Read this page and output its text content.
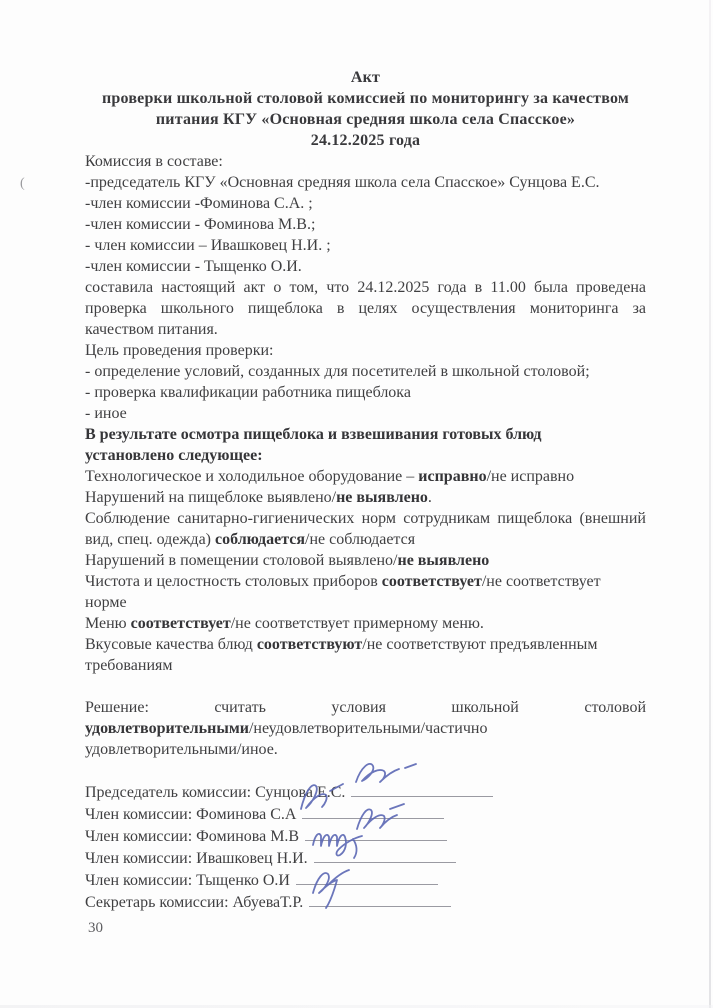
(
Акт
проверки школьной столовой комиссией по мониторингу за качеством
питания КГУ «Основная средняя школа села Спасское»
24.12.2025 года
Комиссия в составе:
-председатель КГУ «Основная средняя школа села Спасское» Сунцова Е.С.
-член комиссии -Фоминова С.А. ;
-член комиссии - Фоминова М.В.;
- член комиссии – Ивашковец Н.И. ;
-член комиссии - Тыщенко О.И.
составила настоящий акт о том, что 24.12.2025 года в 11.00 была проведена
проверка школьного пищеблока в целях осуществления мониторинга за
качеством питания.
Цель проведения проверки:
- определение условий, созданных для посетителей в школьной столовой;
- проверка квалификации работника пищеблока
- иное
В результате осмотра пищеблока и взвешивания готовых блюд
установлено следующее:
Технологическое и холодильное оборудование – исправно/не исправно
Нарушений на пищеблоке выявлено/не выявлено.
Соблюдение санитарно-гигиенических норм сотрудникам пищеблока (внешний
вид, спец. одежда) соблюдается/не соблюдается
Нарушений в помещении столовой выявлено/не выявлено
Чистота и целостность столовых приборов соответствует/не соответствует
норме
Меню соответствует/не соответствует примерному меню.
Вкусовые качества блюд соответствуют/не соответствуют предъявленным
требованиям

Решение: считать условия школьной столовой
удовлетворительными/неудовлетворительными/частично
удовлетворительными/иное.

Председатель комиссии: Сунцова Е.С.
Член комиссии: Фоминова С.А
Член комиссии: Фоминова М.В
Член комиссии: Ивашковец Н.И.
Член комиссии: Тыщенко О.И
Секретарь комиссии: АбуеваТ.Р.
30
